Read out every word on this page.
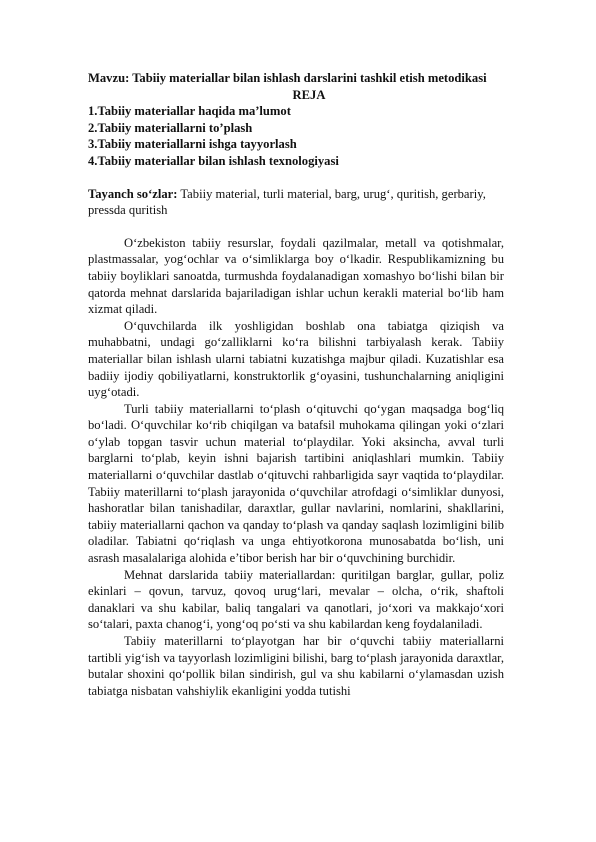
Mavzu: Tabiiy materiallar bilan ishlash darslarini tashkil etish metodikasi

REJA

1.Tabiiy materiallar haqida ma’lumot
2.Tabiiy materiallarni to’plash
3.Tabiiy materiallarni ishga tayyorlash
4.Tabiiy materiallar bilan ishlash texnologiyasi

Tayanch so‘zlar: Tabiiy material, turli material, barg, urug‘, quritish, gerbariy, pressda quritish

O‘zbekiston tabiiy resurslar, foydali qazilmalar, metall va qotishmalar, plastmassalar, yog‘ochlar va o‘simliklarga boy o‘lkadir. Respublikamizning bu tabiiy boyliklari sanoatda, turmushda foydalanadigan xomashyo bo‘lishi bilan bir qatorda mehnat darslarida bajariladigan ishlar uchun kerakli material bo‘lib ham xizmat qiladi.

O‘quvchilarda ilk yoshligidan boshlab ona tabiatga qiziqish va muhabbatni, undagi go‘zalliklarni ko‘ra bilishni tarbiyalash kerak. Tabiiy materiallar bilan ishlash ularni tabiatni kuzatishga majbur qiladi. Kuzatishlar esa badiiy ijodiy qobiliyatlarni, konstruktorlik g‘oyasini, tushunchalarning aniqligini uyg‘otadi.

Turli tabiiy materiallarni to‘plash o‘qituvchi qo‘ygan maqsadga bog‘liq bo‘ladi. O‘quvchilar ko‘rib chiqilgan va batafsil muhokama qilingan yoki o‘zlari o‘ylab topgan tasvir uchun material to‘playdilar. Yoki aksincha, avval turli barglarni to‘plab, keyin ishni bajarish tartibini aniqlashlari mumkin. Tabiiy materiallarni o‘quvchilar dastlab o‘qituvchi rahbarligida sayr vaqtida to‘playdilar. Tabiiy materillarni to‘plash jarayonida o‘quvchilar atrofdagi o‘simliklar dunyosi, hashoratlar bilan tanishadilar, daraxtlar, gullar navlarini, nomlarini, shakllarini, tabiiy materiallarni qachon va qanday to‘plash va qanday saqlash lozimligini bilib oladilar. Tabiatni qo‘riqlash va unga ehtiyotkorona munosabatda bo‘lish, uni asrash masalalariga alohida e’tibor berish har bir o‘quvchining burchidir.

Mehnat darslarida tabiiy materiallardan: quritilgan barglar, gullar, poliz ekinlari – qovun, tarvuz, qovoq urug‘lari, mevalar – olcha, o‘rik, shaftoli danaklari va shu kabilar, baliq tangalari va qanotlari, jo‘xori va makkajo‘xori so‘talari, paxta chanog‘i, yong‘oq po‘sti va shu kabilardan keng foydalaniladi.

Tabiiy materillarni to‘playotgan har bir o‘quvchi tabiiy materiallarni tartibli yig‘ish va tayyorlash lozimligini bilishi, barg to‘plash jarayonida daraxtlar, butalar shoxini qo‘pollik bilan sindirish, gul va shu kabilarni o‘ylamasdan uzish tabiatga nisbatan vahshiylik ekanligini yodda tutishi
